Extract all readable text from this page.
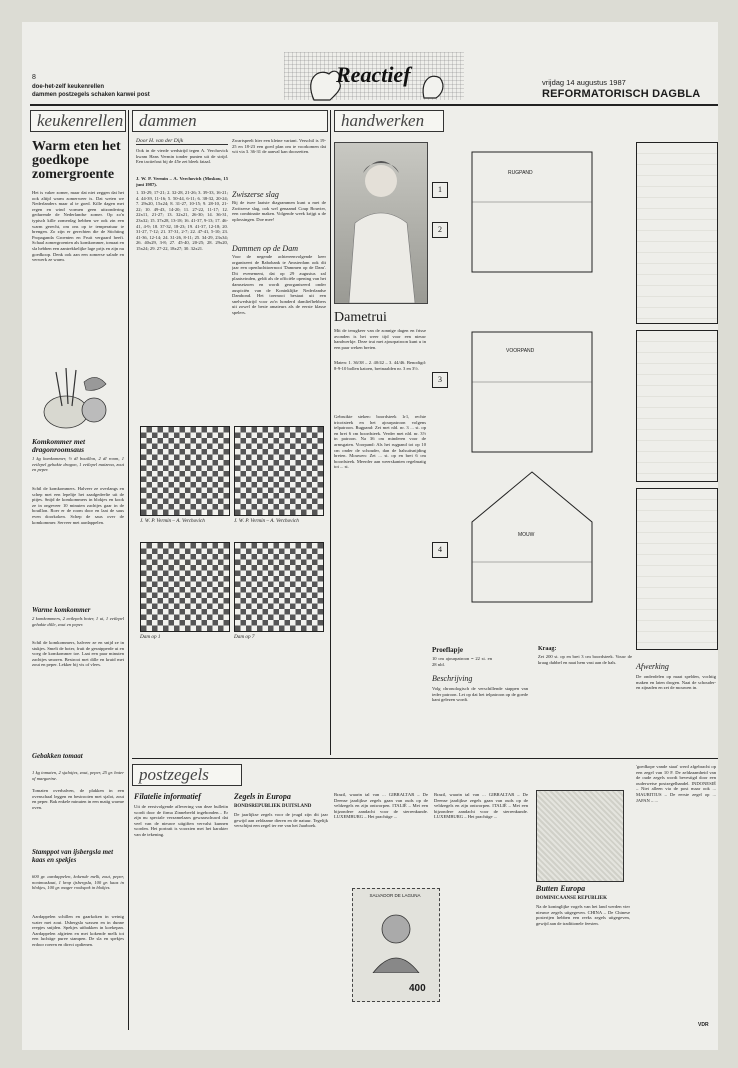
8
doe-het-zelf keukenrellen
dammen postzegels schaken karwei post
Reactief	vrijdag 14 augustus 1987
REFORMATORISCH DAGBLA
keukenrellen dammen	handwerken
Warm eten het goedkope zomergroente
Het is vaker zomer, maar dat niet zeggen dat het ook altijd warm zomerweer is. Dat weten we Nederlanders maar al te goed. Kille dagen met regen en wind vormen geen uitzondering gedurende de Nederlandse zomer. Op zo'n typisch kille zomerdag hebben we ook zin een warm gerecht, om ons op te temperatuur te brengen. Zo zijn er gerechten die de Stichting Propaganda Groenten en Fruit vergaard heeft. Schaal zomergroenten als komkommer, tomaat en sla hebben een aantrekkelijke lage prijs en zijn nu goedkoop. Denk ook aan een zomerse salade en verwerk ze warm.
Komkommer met dragonroomsaus
1 kg komkommer, ½ dl bouillon, 2 dl room, 1 eetlepel gehakte dragon, 1 eetlepel maizena, zout en peper.
Schil de komkommers. Halveer ze overlangs en schep met een lepeltje het zaadgedeelte uit de pitjes. Snijd de komkommers in blokjes en kook ze in ongeveer 10 minuten zachtjes gaar in de bouillon. Roer er de room door en laat de saus even doorkoken. Schep de saus over de komkommer. Serveer met aardappelen.
Warme komkommer
2 komkommers, 2 eetlepels boter, 1 ui, 1 eetlepel gehakte dille, zout en peper.
Schil de komkommers, halveer ze en snijd ze in stukjes. Smelt de boter, fruit de gesnipperde ui en voeg de komkommer toe. Laat een paar minuten zachtjes smoren. Bestrooi met dille en kruid met zout en peper. Lekker bij vis of vlees.
Gebakken tomaat
1 kg tomaten, 2 sjalotjes, zout, peper, 25 gr. boter of margarine.
Tomaten overhalven, de plakken in een ovenschaal leggen en bestrooien met sjalot, zout en peper. Bak enkele minuten in een matig warme oven.
Stamppot van ijsbergsla met kaas en spekjes
600 gr. aardappelen, kokende melk, zout, peper, nootmuskaat, 1 krop ijsbergsla, 100 gr. kaas in blokjes, 100 gr. mager rookspek in blokjes.
Aardappelen schillen en gaarkoken in weinig water met zout. IJsbergsla wassen en in dunne reepjes snijden. Spekjes uitbakken in koekepan. Aardappelen afgieten en met kokende melk tot een luchtige puree stampen. De sla en spekjes erdoor roeren en direct opdienen.
Door H. van der Dijk
Ook in de vierde wedstrijd tegen A. Verchovick kwam Hans Vermin tonder punten uit de strijd. Een tactiefout bij de 45e zet bleek fataal.
J. W. P. Vermin – A. Verchovich (Moskou, 15 juni 1987).
1. 33-29, 17-21; 2. 32-28, 21-26; 3. 39-33, 16-21; 4. 44-39, 11-16; 5. 50-44, 6-11; 6. 38-32, 20-24; 7. 29x20, 15x24; 8. 31-27, 10-15; 9. 28-10, 21-22; 10. 49-43, 14-20; 11. 27-22, 11-17; 12. 22x11, 21-27; 13. 32x21, 26-30; 14. 36-31, 23x32; 15. 37x28, 13-18; 16. 41-37, 9-13; 17. 46-41, 4-9; 18. 37-32, 18-23; 19. 41-37, 12-18; 20. 31-27, 7-12; 21. 37-31, 2-7; 22. 47-41, 5-10; 23. 41-36, 12-14; 24. 31-26, 8-11; 25. 34-29, 23x34; 26. 40x29, 3-8; 27. 45-40, 20-25; 28. 29x20, 15x24; 29. 27-22, 18x27; 30. 32x21.
Zwartspeelt hier een kleine variant. Verschil is 19-25 en 18-23 een goed plan om te voorkomen dat wit via 3. 36-31 de aanval kan doorzetten.
Zwiszerse slag
Bij de twee laatste diagrammen kunt u met de Zwitserse slag, ook wel genaamd Coup Bouvier, een combinatie maken. Volgende week krijgt u de oplossingen. Doe mee!
Dammen op de Dam
Voor de negende achtereenvolgende keer organiseert de Rabobank te Amsterdam ook dit jaar een openluchttoernooi 'Dammen op de Dam'. Dit evenement, dat op 29 augustus zal plaatsvinden, geldt als de officiële opening van het damseizoen en wordt georganiseerd onder auspiciën van de Koninklijke Nederlandse Dambond. Het toernooi bestaat uit een snelwedstrijd voor zo'n honderd damliefhebbers uit zowel de beste amateurs als de eerste klasse spelers.
J. W. P. Vermin – A. Verchovich	J. W. P. Vermin – A. Verchovich
Dam op 1	Dam op 7
Dametrui
Mit de terugkeer van de zonnige dagen en frisse avonden is het weer tijd voor een nieuw handwerkje. Deze trui met ajourpatroon kunt u in een paar weken breien.
Maten: 1. 36/38 – 2. 40/42 – 3. 44/46. Benodigd: 8-9-10 bollen katoen, breinaalden nr. 3 en 3½.
Gebruikte steken: boordsteek 1r1, rechte tricotsteek en het ajourpatroon volgens telpatroon. Rugpand: Zet met nld. nr. 3 ... st. op en brei 6 cm boordsteek. Verder met nld. nr. 3½ in patroon. Na 36 cm minderen voor de armsgaten. Voorpand: Als het rugpand tot op 10 cm onder de schouder, dan de halsuitsnijding breien. Mouwen: Zet ... st. op en brei 6 cm boordsteek. Meerder aan weerskanten regelmatig tot ... st.
RUGPAND
VOORPAND
MOUW
1
2
3
4
Proeflapje
10 cm ajourpatroon = 22 st. en 28 nld.
Beschrijving
Volg chronologisch de verschillende stappen van ieder patroon. Let op dat het telpatroon op de goede kant gelezen wordt.
Kraag:
Zet 200 st. op en brei 3 cm boordsteek. Vouw de kraag dubbel en naai hem vast aan de hals.	Afwerking
De onderdelen op maat spelden, vochtig maken en laten drogen. Naai de schouder- en zijnaden en zet de mouwen in.
postzegels
Filatelie informatief
Uit de eerstvolgende aflevering van deze bulletin wordt door de firma Zinnebeeld ingebonden... Er zijn nu speciale verzamelaars gewaarschuwd dat veel van de nieuwe uitgiften vervalst kunnen worden. Het portrait is voorzien met het karakter van de tekening.
Zegels in Europa
BONDSREPUBLIEK DUITSLAND
De jaarlijkse zegels voor de jeugd zijn dit jaar gewijd aan zeldzame dieren en de natuur. Tegelijk verschijnt een zegel ter ere van het Jaarboek.
Brazil, waarin tal van ... GIBRALTAR – De Deense jaarlijkse zegels gaan van ouds op de veldzegels en zijn ontworpen. ITALIË – Met een bijzondere aandacht voor de sterrenkunde. LUXEMBURG – Het prachtige ...
SALVADOR DE LAGUNA
400
Brazil, waarin tal van ... GIBRALTAR – De Deense jaarlijkse zegels gaan van ouds op de veldzegels en zijn ontworpen. ITALIË – Met een bijzondere aandacht voor de sterrenkunde. LUXEMBURG – Het prachtige ...
Butten Europa
DOMINICAANSE REPUBLIEK
Na de koninglijke vogels van het land werden vier nieuwe zegels uitgegeven. CHINA – De Chinese posterijen hebben een reeks zegels uitgegeven, gewijd aan de traditionele feesten.
'goedkope vande staat' werd afgebracht op een zegel van 10 F. De zeldzaamheid van de oude zegels wordt bevestigd door een ouderwetse postzegelhandel. INDONESIË – Niet alleen via de post maar ook ... MAURITIUS – De eerste zegel op ... JAPAN – ...
VDR
